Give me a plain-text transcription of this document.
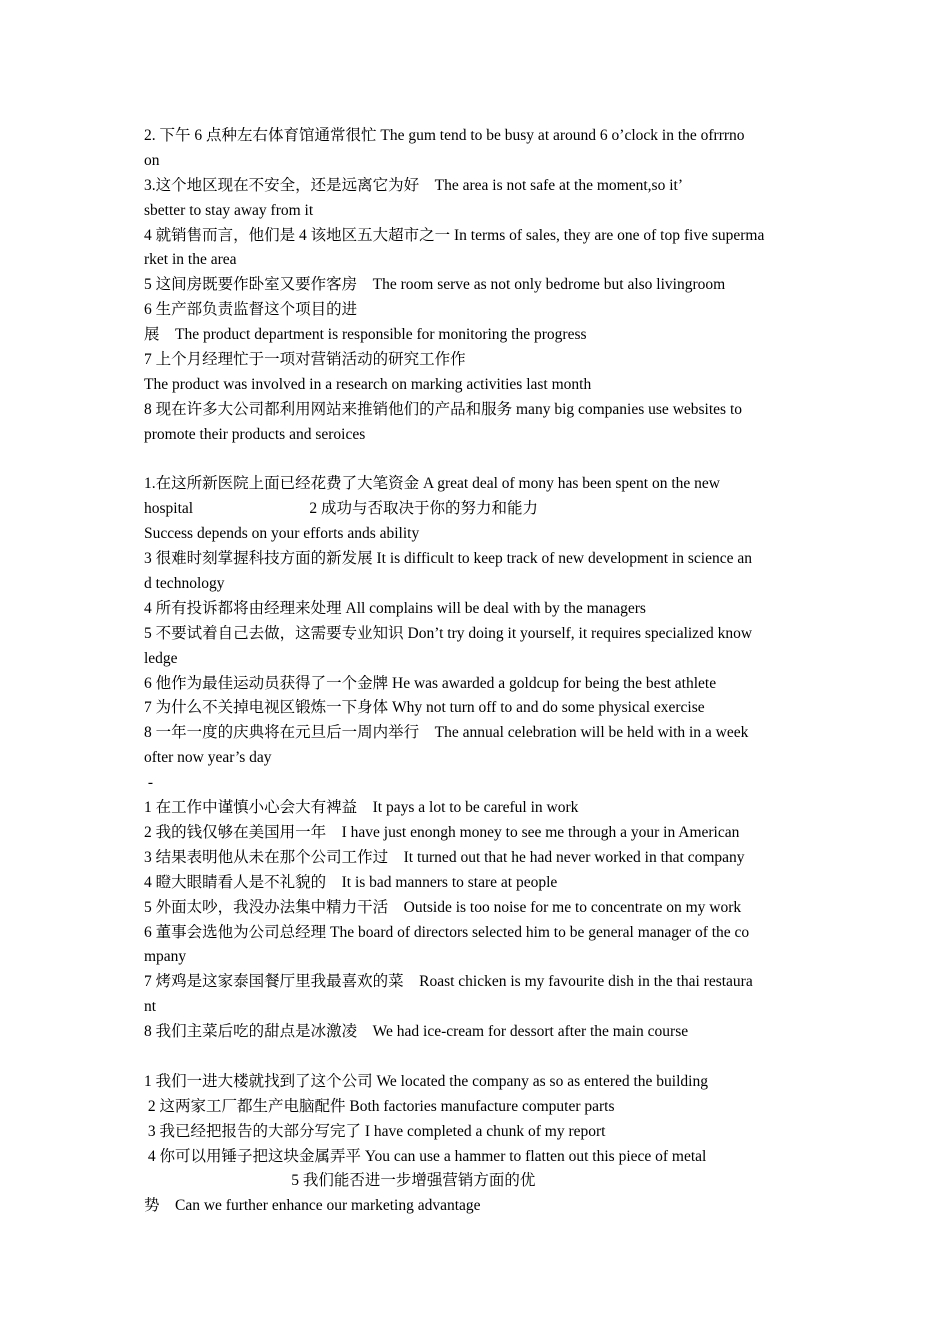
2. 下午 6 点种左右体育馆通常很忙 The gum tend to be busy at around 6 o’clock in the ofrrrno
on
3.这个地区现在不安全，还是远离它为好    The area is not safe at the moment,so it’
sbetter to stay away from it
4 就销售而言，他们是 4 该地区五大超市之一 In terms of sales, they are one of top five superma
rket in the area
5 这间房既要作卧室又要作客房    The room serve as not only bedrome but also livingroom
6 生产部负责监督这个项目的进
展    The product department is responsible for monitoring the progress
7 上个月经理忙于一项对营销活动的研究工作作
The product was involved in a research on marking activities last month
8 现在许多大公司都利用网站来推销他们的产品和服务 many big companies use websites to
promote their products and seroices
1.在这所新医院上面已经花费了大笔资金 A great deal of mony has been spent on the new
hospital                              2 成功与否取决于你的努力和能力
Success depends on your efforts ands ability
3 很难时刻掌握科技方面的新发展 It is difficult to keep track of new development in science an
d technology
4 所有投诉都将由经理来处理 All complains will be deal with by the managers
5 不要试着自己去做，这需要专业知识 Don’t try doing it yourself, it requires specialized know
ledge
6 他作为最佳运动员获得了一个金牌 He was awarded a goldcup for being the best athlete
7 为什么不关掉电视区锻炼一下身体 Why not turn off to and do some physical exercise
8 一年一度的庆典将在元旦后一周内举行    The annual celebration will be held with in a week
ofter now year’s day
-
1 在工作中谨慎小心会大有裨益    It pays a lot to be careful in work
2 我的钱仅够在美国用一年    I have just enongh money to see me through a your in American
3 结果表明他从未在那个公司工作过    It turned out that he had never worked in that company
4 瞪大眼睛看人是不礼貌的    It is bad manners to stare at people
5 外面太吵，我没办法集中精力干活    Outside is too noise for me to concentrate on my work
6 董事会选他为公司总经理 The board of directors selected him to be general manager of the co
mpany
7 烤鸡是这家泰国餐厅里我最喜欢的菜    Roast chicken is my favourite dish in the thai restaura
nt
8 我们主菜后吃的甜点是冰激凌    We had ice-cream for dessort after the main course
1 我们一进大楼就找到了这个公司 We located the company as so as entered the building
2 这两家工厂都生产电脑配件 Both factories manufacture computer parts
3 我已经把报告的大部分写完了 I have completed a chunk of my report
4 你可以用锤子把这块金属弄平 You can use a hammer to flatten out this piece of metal
5 我们能否进一步增强营销方面的优
势    Can we further enhance our marketing advantage
